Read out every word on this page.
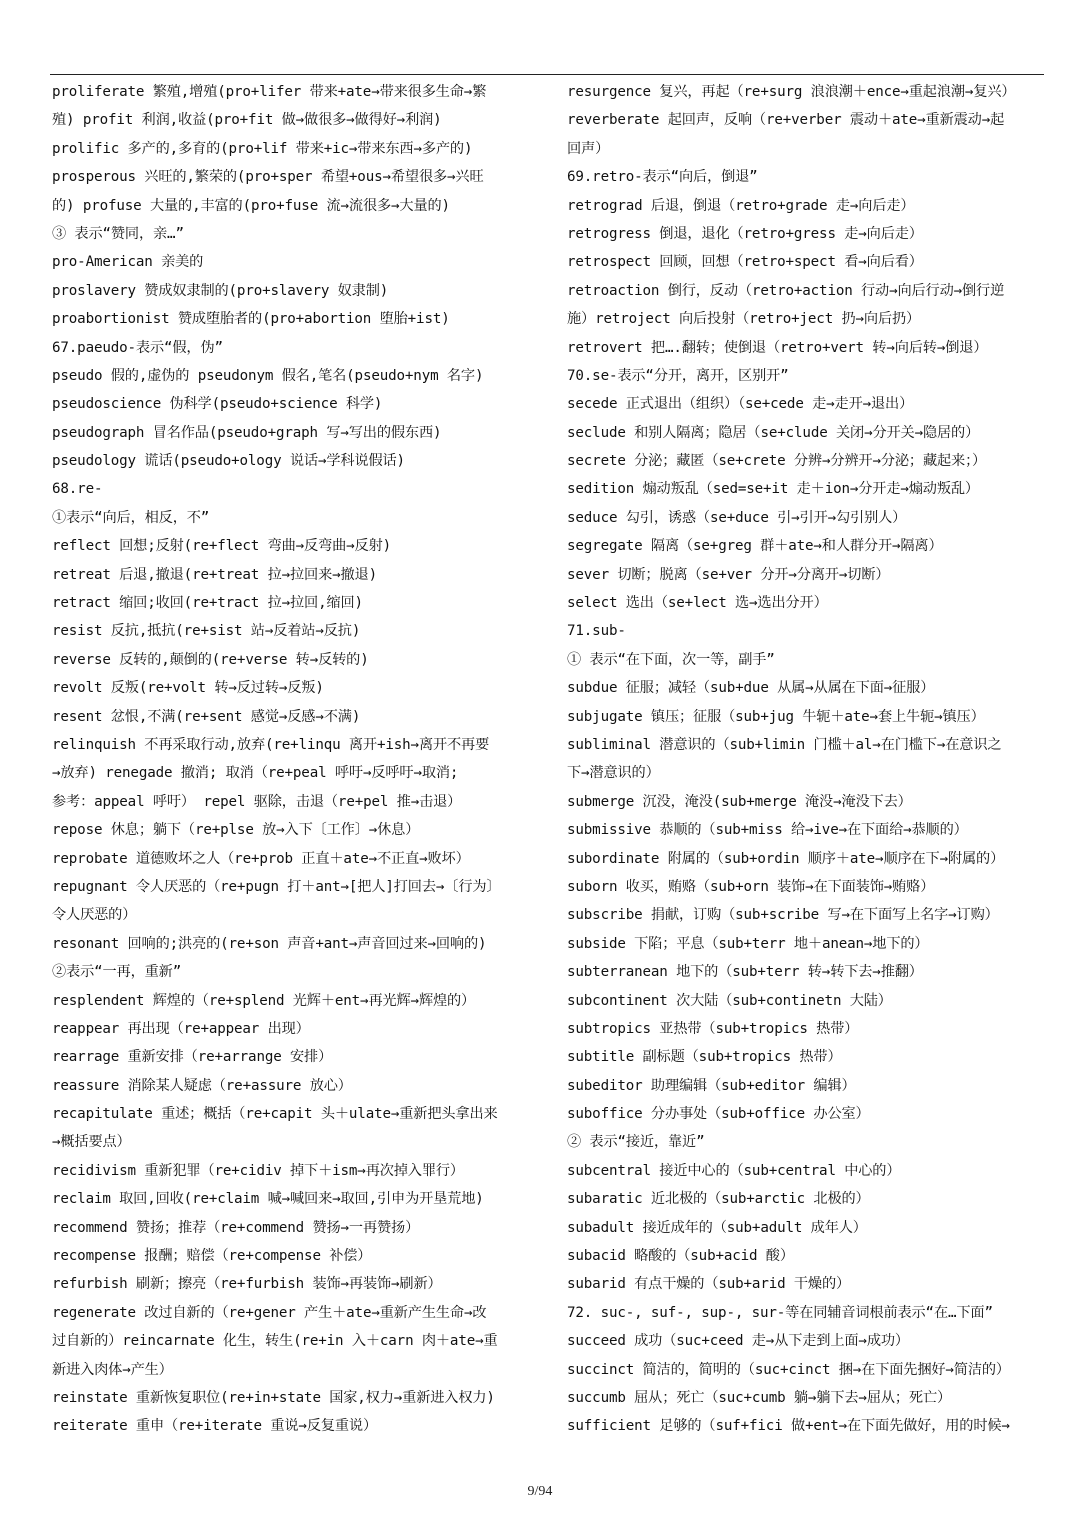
proliferate 繁殖,增殖(pro+lifer 带来+ate→带来很多生命→繁
殖) profit 利润,收益(pro+fit 做→做很多→做得好→利润)
prolific 多产的,多育的(pro+lif 带来+ic→带来东西→多产的)
prosperous 兴旺的,繁荣的(pro+sper 希望+ous→希望很多→兴旺
的) profuse 大量的,丰富的(pro+fuse 流→流很多→大量的)
③ 表示“赞同，亲…”
pro-American 亲美的
proslavery 赞成奴隶制的(pro+slavery 奴隶制)
proabortionist 赞成堕胎者的(pro+abortion 堕胎+ist)
67.paeudo-表示“假，伪”
pseudo 假的,虚伪的 pseudonym 假名,笔名(pseudo+nym 名字)
pseudoscience 伪科学(pseudo+science 科学)
pseudograph 冒名作品(pseudo+graph 写→写出的假东西)
pseudology 谎话(pseudo+ology 说话→学科说假话)
68.re-
①表示“向后，相反，不”
reflect 回想;反射(re+flect 弯曲→反弯曲→反射)
retreat 后退,撤退(re+treat 拉→拉回来→撤退)
retract 缩回;收回(re+tract 拉→拉回,缩回)
resist 反抗,抵抗(re+sist 站→反着站→反抗)
reverse 反转的,颠倒的(re+verse 转→反转的)
revolt 反叛(re+volt 转→反过转→反叛)
resent 忿恨,不满(re+sent 感觉→反感→不满)
relinquish 不再采取行动,放弃(re+linqu 离开+ish→离开不再要
→放弃) renegade 撤消; 取消（re+peal 呼吁→反呼吁→取消;
参考：appeal 呼吁） repel 驱除，击退（re+pel 推→击退）
repose 休息；躺下（re+plse 放→入下〔工作〕→休息）
reprobate 道德败坏之人（re+prob 正直＋ate→不正直→败坏）
repugnant 令人厌恶的（re+pugn 打＋ant→[把人]打回去→〔行为〕
令人厌恶的）
resonant 回响的;洪亮的(re+son 声音+ant→声音回过来→回响的)
②表示“一再，重新”
resplendent 辉煌的（re+splend 光辉＋ent→再光辉→辉煌的）
reappear 再出现（re+appear 出现）
rearrage 重新安排（re+arrange 安排）
reassure 消除某人疑虑（re+assure 放心）
recapitulate 重述；概括（re+capit 头＋ulate→重新把头拿出来
→概括要点）
recidivism 重新犯罪（re+cidiv 掉下＋ism→再次掉入罪行）
reclaim 取回,回收(re+claim 喊→喊回来→取回,引申为开垦荒地)
recommend 赞扬；推荐（re+commend 赞扬→一再赞扬）
recompense 报酬；赔偿（re+compense 补偿）
refurbish 刷新；擦亮（re+furbish 装饰→再装饰→刷新）
regenerate 改过自新的（re+gener 产生＋ate→重新产生生命→改
过自新的）reincarnate 化生，转生(re+in 入＋carn 肉＋ate→重
新进入肉体→产生）
reinstate 重新恢复职位(re+in+state 国家,权力→重新进入权力)
reiterate 重申（re+iterate 重说→反复重说）
resurgence 复兴，再起（re+surg 浪浪潮＋ence→重起浪潮→复兴）
reverberate 起回声，反响（re+verber 震动＋ate→重新震动→起
回声）
69.retro-表示“向后，倒退”
retrograd 后退，倒退（retro+grade 走→向后走）
retrogress 倒退，退化（retro+gress 走→向后走）
retrospect 回顾，回想（retro+spect 看→向后看）
retroaction 倒行，反动（retro+action 行动→向后行动→倒行逆
施）retroject 向后投射（retro+ject 扔→向后扔）
retrovert 把….翻转；使倒退（retro+vert 转→向后转→倒退）
70.se-表示“分开，离开，区别开”
secede 正式退出（组织）（se+cede 走→走开→退出）
seclude 和别人隔离；隐居（se+clude 关闭→分开关→隐居的）
secrete 分泌；藏匿（se+crete 分辨→分辨开→分泌；藏起来；）
sedition 煽动叛乱（sed=se+it 走＋ion→分开走→煽动叛乱）
seduce 勾引，诱惑（se+duce 引→引开→勾引别人）
segregate 隔离（se+greg 群＋ate→和人群分开→隔离）
sever 切断；脱离（se+ver 分开→分离开→切断）
select 选出（se+lect 选→选出分开）
71.sub-
① 表示“在下面，次一等，副手”
subdue 征服；减轻（sub+due 从属→从属在下面→征服）
subjugate 镇压；征服（sub+jug 牛轭＋ate→套上牛轭→镇压）
subliminal 潜意识的（sub+limin 门槛＋al→在门槛下→在意识之
下→潜意识的）
submerge 沉没，淹没(sub+merge 淹没→淹没下去）
submissive 恭顺的（sub+miss 给→ive→在下面给→恭顺的）
subordinate 附属的（sub+ordin 顺序＋ate→顺序在下→附属的）
suborn 收买，贿赂（sub+orn 装饰→在下面装饰→贿赂）
subscribe 捐献，订购（sub+scribe 写→在下面写上名字→订购）
subside 下陷；平息（sub+terr 地＋anean→地下的）
subterranean 地下的（sub+terr 转→转下去→推翻）
subcontinent 次大陆（sub+continetn 大陆）
subtropics 亚热带（sub+tropics 热带）
subtitle 副标题（sub+tropics 热带）
subeditor 助理编辑（sub+editor 编辑）
suboffice 分办事处（sub+office 办公室）
② 表示“接近，靠近”
subcentral 接近中心的（sub+central 中心的）
subaratic 近北极的（sub+arctic 北极的）
subadult 接近成年的（sub+adult 成年人）
subacid 略酸的（sub+acid 酸）
subarid 有点干燥的（sub+arid 干燥的）
72. suc-, suf-, sup-, sur-等在同辅音词根前表示“在…下面”
succeed 成功（suc+ceed 走→从下走到上面→成功）
succinct 简洁的，简明的（suc+cinct 捆→在下面先捆好→简洁的）
succumb 屈从；死亡（suc+cumb 躺→躺下去→屈从；死亡）
sufficient 足够的（suf+fici 做+ent→在下面先做好，用的时候→
9/94
